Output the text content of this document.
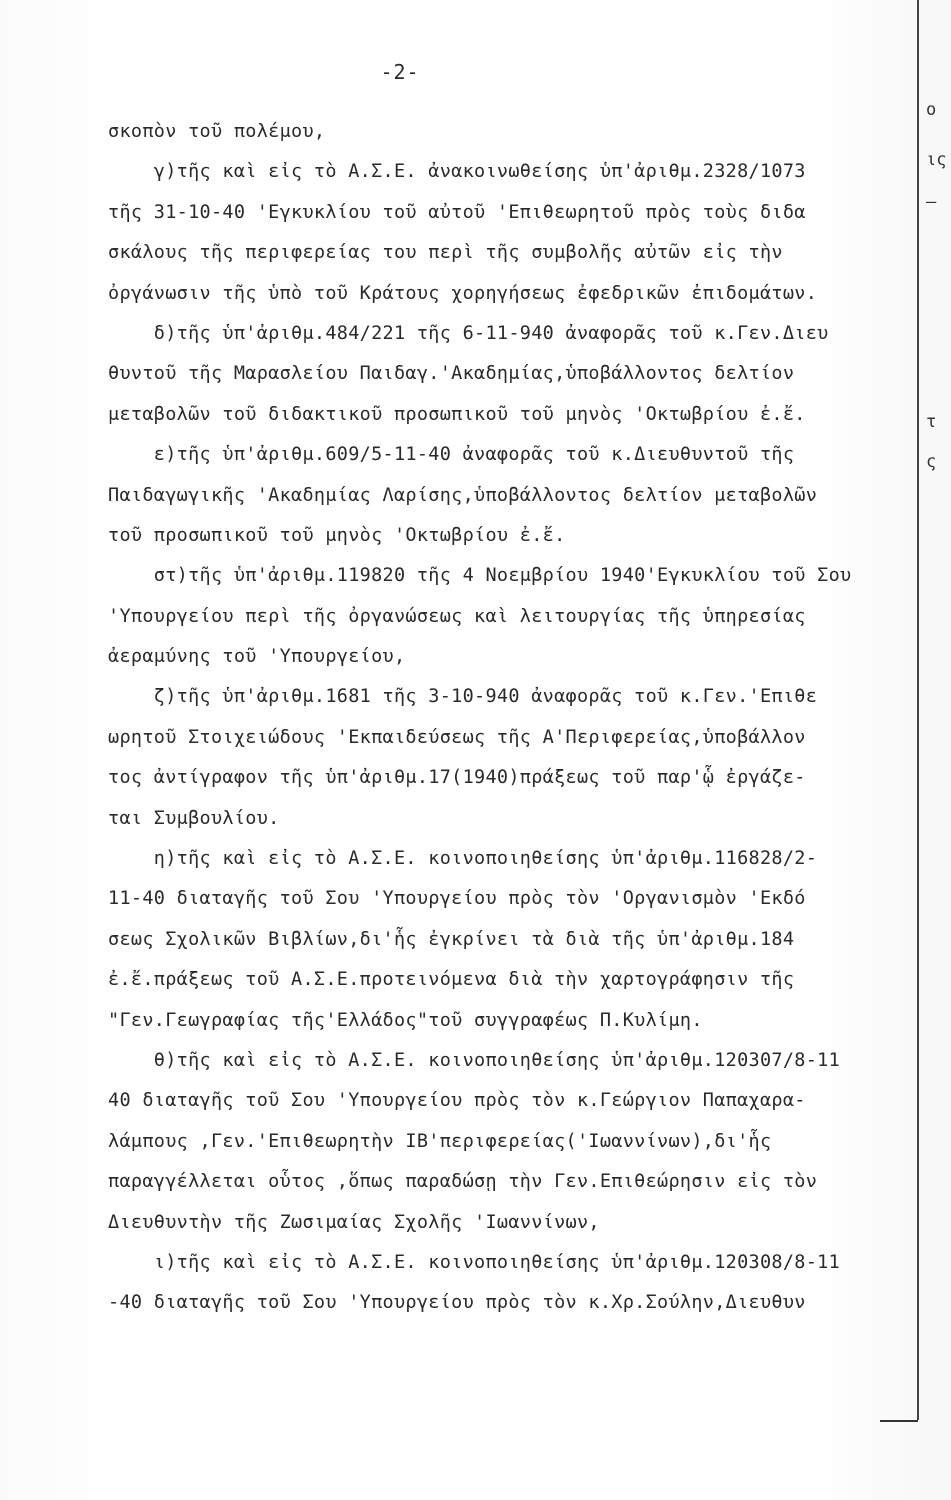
ο
ις
—
τ
ς
-2-
σκοπὸν τοῦ πολέμου,
γ)τῆς καὶ εἰς τὸ Α.Σ.Ε. ἀνακοινωθείσης ὑπ'ἀριθμ.2328/1073
τῆς 31-10-40 'Εγκυκλίου τοῦ αὐτοῦ 'Επιθεωρητοῦ πρὸς τοὺς διδα
σκάλους τῆς περιφερείας του περὶ τῆς συμβολῆς αὐτῶν εἰς τὴν
ὀργάνωσιν τῆς ὑπὸ τοῦ Κράτους χορηγήσεως ἐφεδρικῶν ἐπιδομάτων.
δ)τῆς ὑπ'ἀριθμ.484/221 τῆς 6-11-940 ἀναφορᾶς τοῦ κ.Γεν.Διευ
θυντοῦ τῆς Μαρασλείου Παιδαγ.'Ακαδημίας,ὑποβάλλοντος δελτίον
μεταβολῶν τοῦ διδακτικοῦ προσωπικοῦ τοῦ μηνὸς 'Οκτωβρίου ἐ.ἔ.
ε)τῆς ὑπ'ἀριθμ.609/5-11-40 ἀναφορᾶς τοῦ κ.Διευθυντοῦ τῆς
Παιδαγωγικῆς 'Ακαδημίας Λαρίσης,ὑποβάλλοντος δελτίον μεταβολῶν
τοῦ προσωπικοῦ τοῦ μηνὸς 'Οκτωβρίου ἐ.ἔ.
στ)τῆς ὑπ'ἀριθμ.119820 τῆς 4 Νοεμβρίου 1940'Εγκυκλίου τοῦ Σου
'Υπουργείου περὶ τῆς ὀργανώσεως καὶ λειτουργίας τῆς ὑπηρεσίας
ἀεραμύνης τοῦ 'Υπουργείου,
ζ)τῆς ὑπ'ἀριθμ.1681 τῆς 3-10-940 ἀναφορᾶς τοῦ κ.Γεν.'Επιθε
ωρητοῦ Στοιχειώδους 'Εκπαιδεύσεως τῆς Α'Περιφερείας,ὑποβάλλον
τος ἀντίγραφον τῆς ὑπ'ἀριθμ.17(1940)πράξεως τοῦ παρ'ᾧ ἐργάζε-
ται Συμβουλίου.
η)τῆς καὶ εἰς τὸ Α.Σ.Ε. κοινοποιηθείσης ὑπ'ἀριθμ.116828/2-
11-40 διαταγῆς τοῦ Σου 'Υπουργείου πρὸς τὸν 'Οργανισμὸν 'Εκδό
σεως Σχολικῶν Βιβλίων,δι'ἧς ἐγκρίνει τὰ διὰ τῆς ὑπ'ἀριθμ.184
ἐ.ἔ.πράξεως τοῦ Α.Σ.Ε.προτεινόμενα διὰ τὴν χαρτογράφησιν τῆς
"Γεν.Γεωγραφίας τῆς'Ελλάδος"τοῦ συγγραφέως Π.Κυλίμη.
θ)τῆς καὶ εἰς τὸ Α.Σ.Ε. κοινοποιηθείσης ὑπ'ἀριθμ.120307/8-11
40 διαταγῆς τοῦ Σου 'Υπουργείου πρὸς τὸν κ.Γεώργιον Παπαχαρα-
λάμπους ,Γεν.'Επιθεωρητὴν ΙΒ'περιφερείας('Ιωαννίνων),δι'ἧς
παραγγέλλεται οὗτος ,ὅπως παραδώσῃ τὴν Γεν.Επιθεώρησιν εἰς τὸν
Διευθυντὴν τῆς Ζωσιμαίας Σχολῆς 'Ιωαννίνων,
ι)τῆς καὶ εἰς τὸ Α.Σ.Ε. κοινοποιηθείσης ὑπ'ἀριθμ.120308/8-11
-40 διαταγῆς τοῦ Σου 'Υπουργείου πρὸς τὸν κ.Χρ.Σούλην,Διευθυν
